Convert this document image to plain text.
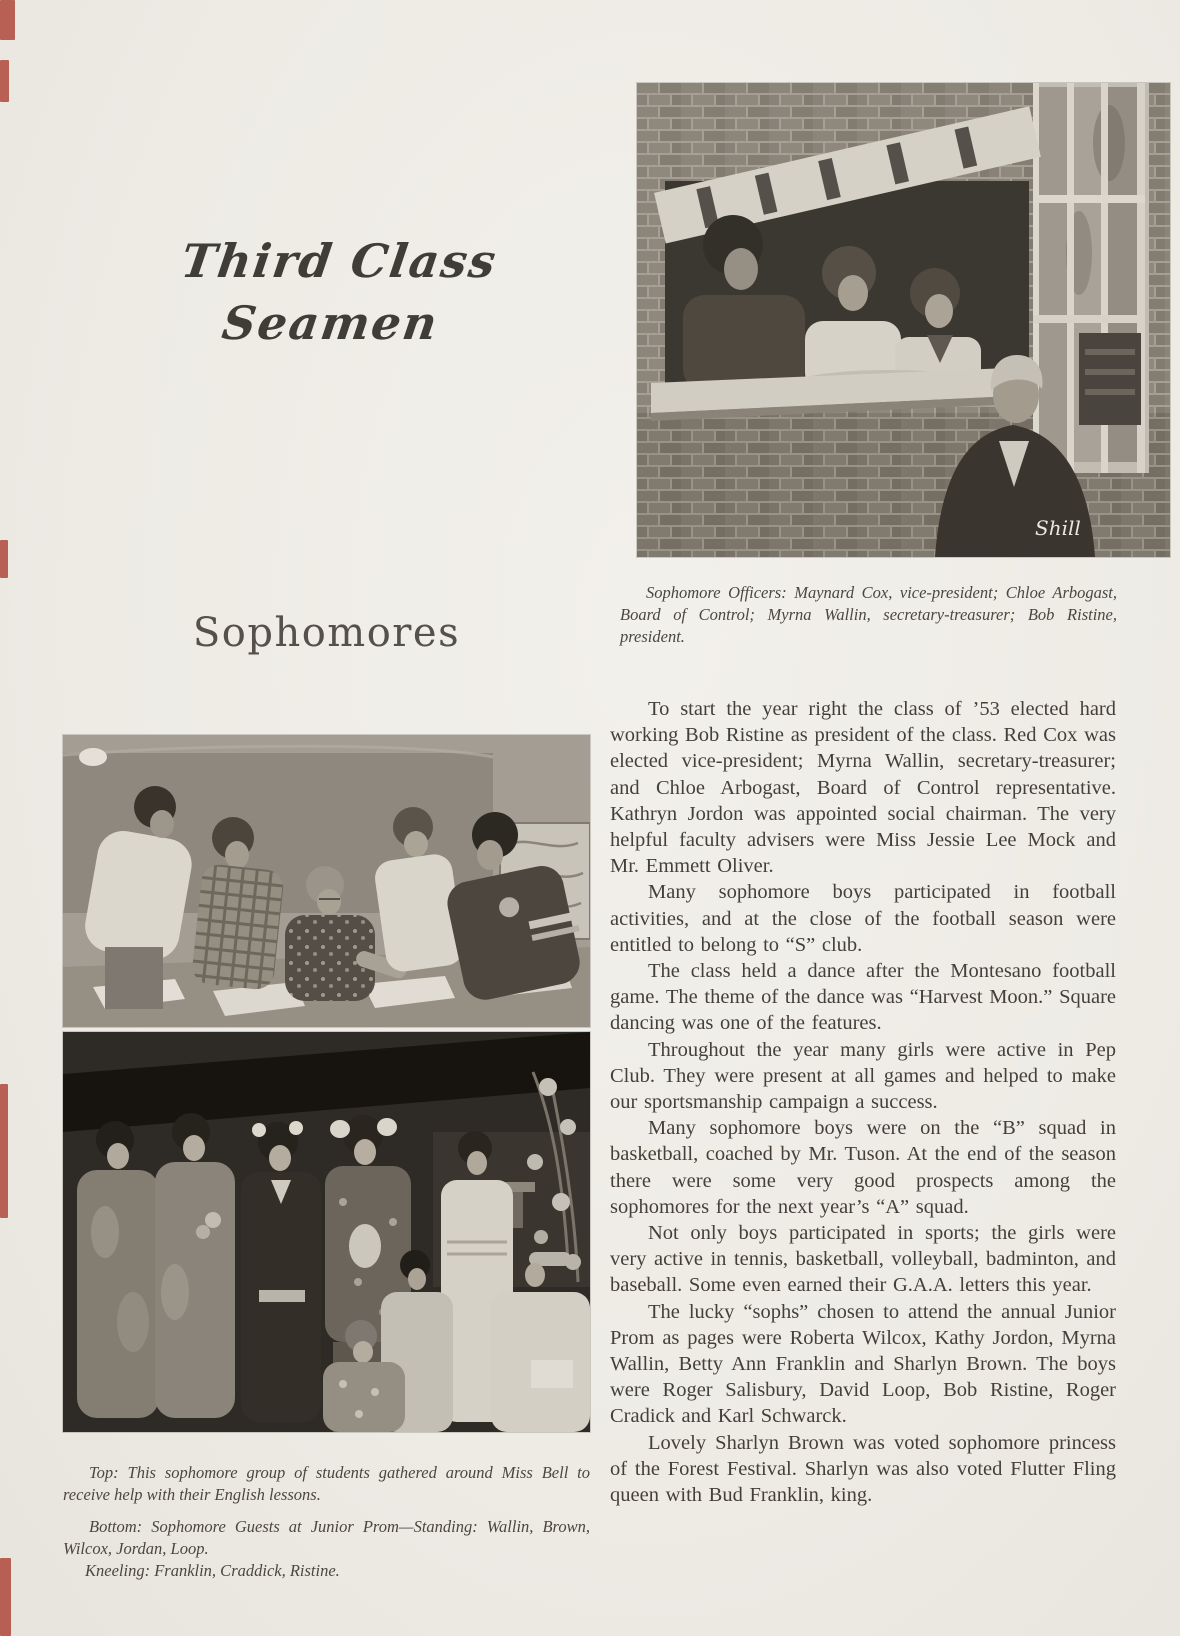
Third Class
Seamen
Sophomores
Shill

Sophomore Officers: Maynard Cox, vice-president; Chloe Arbogast, Board of Control; Myrna Wallin, secretary-treasurer; Bob Ristine, president.

Top: This sophomore group of students gathered around Miss Bell to receive help with their English lessons.

Bottom: Sophomore Guests at Junior Prom—Standing: Wallin, Brown, Wilcox, Jordan, Loop.

Kneeling: Franklin, Craddick, Ristine.

To start the year right the class of ’53 elected hard working Bob Ristine as president of the class. Red Cox was elected vice-president; Myrna Wallin, secretary-treasurer; and Chloe Arbogast, Board of Control representative. Kathryn Jordon was appointed social chairman. The very helpful faculty advisers were Miss Jessie Lee Mock and Mr. Emmett Oliver.

Many sophomore boys participated in football activities, and at the close of the football season were entitled to belong to “S” club.

The class held a dance after the Montesano football game. The theme of the dance was “Harvest Moon.” Square dancing was one of the features.

Throughout the year many girls were active in Pep Club. They were present at all games and helped to make our sportsmanship campaign a success.

Many sophomore boys were on the “B” squad in basketball, coached by Mr. Tuson. At the end of the season there were some very good prospects among the sophomores for the next year’s “A” squad.

Not only boys participated in sports; the girls were very active in tennis, basketball, volleyball, badminton, and baseball. Some even earned their G.A.A. letters this year.

The lucky “sophs” chosen to attend the annual Junior Prom as pages were Roberta Wilcox, Kathy Jordon, Myrna Wallin, Betty Ann Franklin and Sharlyn Brown. The boys were Roger Salisbury, David Loop, Bob Ristine, Roger Cradick and Karl Schwarck.

Lovely Sharlyn Brown was voted sophomore princess of the Forest Festival. Sharlyn was also voted Flutter Fling queen with Bud Franklin, king.
